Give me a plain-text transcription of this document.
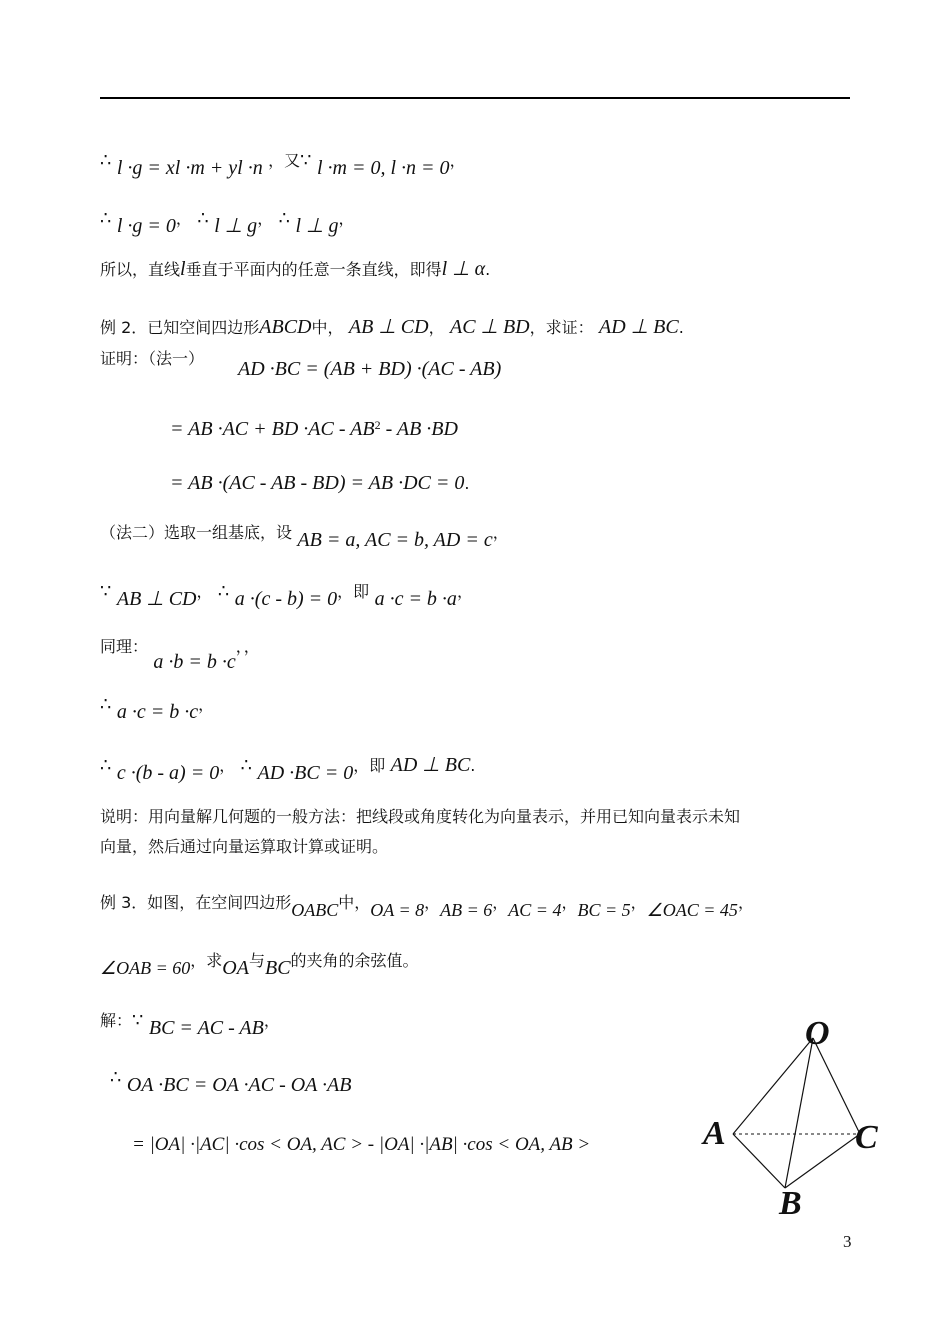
∴ l ·g = xl ·m + yl ·n ，又∵ l ·m = 0, l ·n = 0，
∴ l ·g = 0， ∴ l ⊥ g， ∴ l ⊥ g，
所以，直线l垂直于平面内的任意一条直线，即得l ⊥ α.
例 2．已知空间四边形ABCD中， AB ⊥ CD， AC ⊥ BD，求证： AD ⊥ BC.
证明：（法一） AD ·BC = (AB + BD) ·(AC - AB)
= AB ·AC + BD $\cdot AC - AB^2$ - AB ·BD
= AB ·(AC - AB - BD) = AB ·DC = 0.
（法二）选取一组基底，设 AB = a, AC = b, AD = c，
∵ AB ⊥ CD， ∴ a ·(c - b) = 0，即 a ·c = b ·a，
同理： a ·b = b ·c，，
∴ a ·c = b ·c，
∴ c ·(b - a) = 0， ∴ AD ·BC = 0，即 AD ⊥ BC.
说明：用向量解几何题的一般方法：把线段或角度转化为向量表示，并用已知向量表示未知
向量，然后通过向量运算取计算或证明。
例 3．如图，在空间四边形OABC中，OA = 8，AB = 6，AC = 4，BC = 5，∠OAC = 45，
∠OAB = 60，求OA与BC的夹角的余弦值。
解：∵ BC = AC - AB，
∴ OA ·BC = OA ·AC - OA ·AB
= |OA| ·|AC| ·cos < OA, AC > - |OA| ·|AB| ·cos < OA, AB >
O
A	C
B
3
